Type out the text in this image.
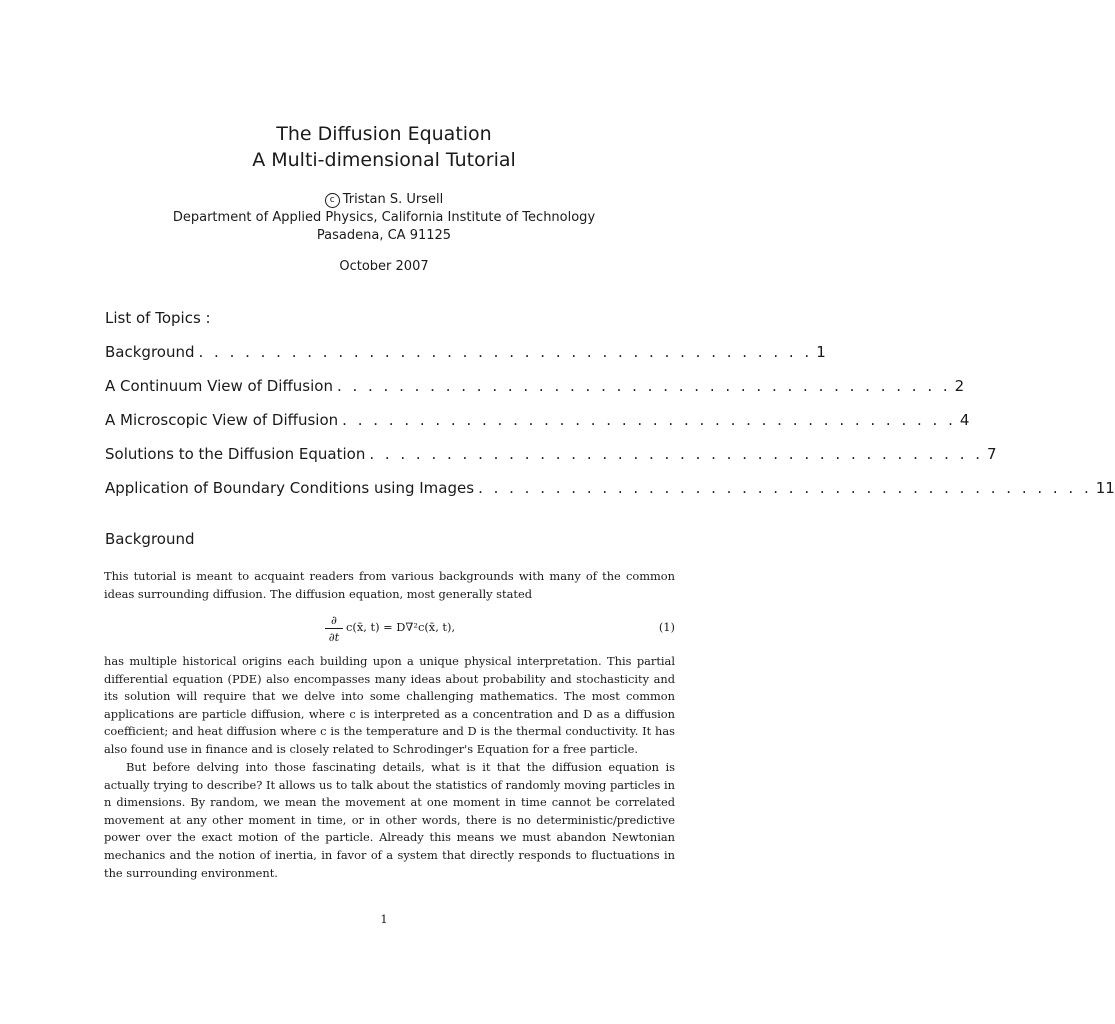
The Diffusion Equation
A Multi-dimensional Tutorial
c Tristan S. Ursell
Department of Applied Physics, California Institute of Technology
Pasadena, CA 91125
October 2007
List of Topics :
Background . . . . . . . . . . . . . . . . . . . . . . . . . . . . . . . . . . . . . . . . 1
A Continuum View of Diffusion . . . . . . . . . . . . . . . . . . . . . . . . . . . . . . . . . . . . . . . . 2
A Microscopic View of Diffusion . . . . . . . . . . . . . . . . . . . . . . . . . . . . . . . . . . . . . . . . 4
Solutions to the Diffusion Equation . . . . . . . . . . . . . . . . . . . . . . . . . . . . . . . . . . . . . . . . 7
Application of Boundary Conditions using Images . . . . . . . . . . . . . . . . . . . . . . . . . . . . . . . . . . . . . . . . 11
Background
This tutorial is meant to acquaint readers from various backgrounds with many of the common ideas surrounding diffusion. The diffusion equation, most generally stated
∂
∂t
c(x̄, t) = D∇²c(x̄, t),	(1)
has multiple historical origins each building upon a unique physical interpretation. This partial differential equation (PDE) also encompasses many ideas about probability and stochasticity and its solution will require that we delve into some challenging mathematics. The most common applications are particle diffusion, where c is interpreted as a concentration and D as a diffusion coefficient; and heat diffusion where c is the temperature and D is the thermal conductivity. It has also found use in finance and is closely related to Schrodinger's Equation for a free particle.
But before delving into those fascinating details, what is it that the diffusion equation is actually trying to describe? It allows us to talk about the statistics of randomly moving particles in n dimensions. By random, we mean the movement at one moment in time cannot be correlated movement at any other moment in time, or in other words, there is no deterministic/predictive power over the exact motion of the particle. Already this means we must abandon Newtonian mechanics and the notion of inertia, in favor of a system that directly responds to fluctuations in the surrounding environment.
1
